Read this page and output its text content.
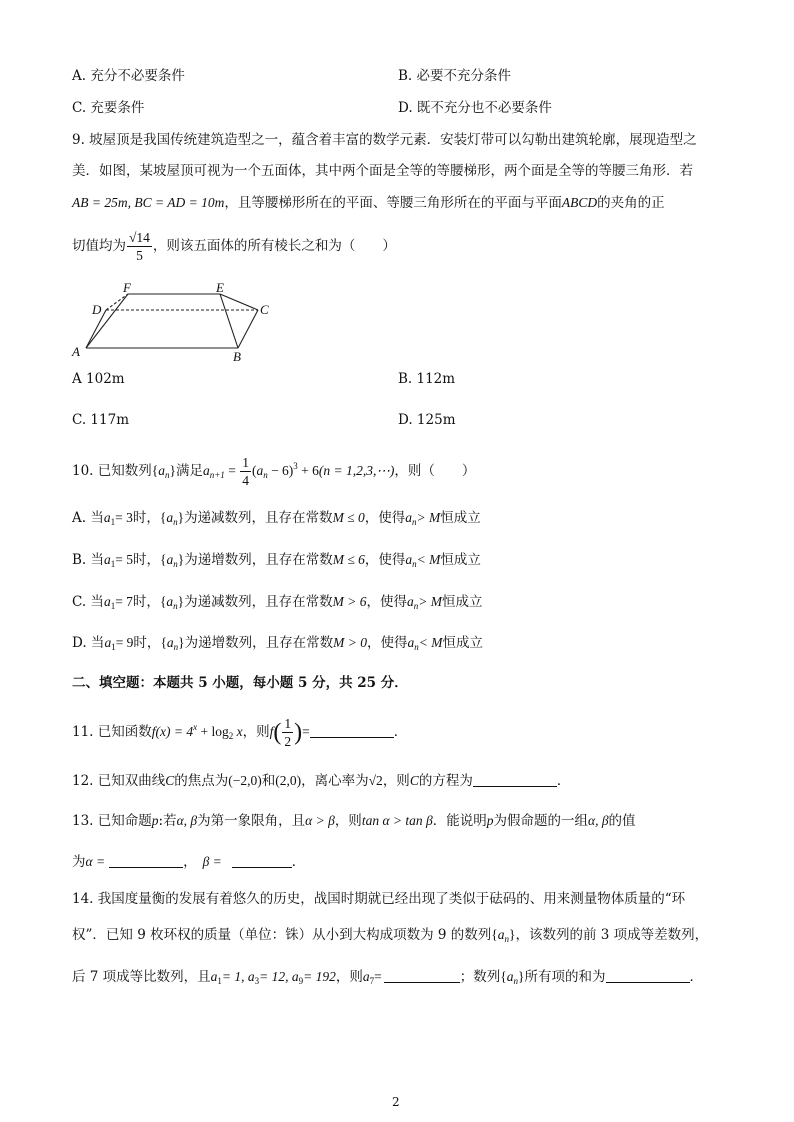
A. 充分不必要条件	B. 必要不充分条件
C. 充要条件	D. 既不充分也不必要条件
9. 坡屋顶是我国传统建筑造型之一，蕴含着丰富的数学元素．安装灯带可以勾勒出建筑轮廓，展现造型之
美．如图，某坡屋顶可视为一个五面体，其中两个面是全等的等腰梯形，两个面是全等的等腰三角形．若
AB = 25m, BC = AD = 10m，且等腰梯形所在的平面、等腰三角形所在的平面与平面ABCD的夹角的正
切值均为 $\frac{√14}{5}$ ，则该五面体的所有棱长之和为（　　）
A	B
C
D
E
F
A 102m	B. 112m
C. 117m	D. 125m
10. 已知数列$\{a_n\}$满足$a_{n+1} = \frac{1}{4} (a_n - 6)^3 + 6(n$ = 1,2,3,⋯)，则（　　）
A. 当$a_1= 3$时，$\{a_n\}$为递减数列，且存在常数M ≤ 0，使得$a_n> M$恒成立
B. 当$a_1= 5$时，$\{a_n\}$为递增数列，且存在常数M ≤ 6，使得$a_n< M$恒成立
C. 当$a_1= 7$时，$\{a_n\}$为递减数列，且存在常数M > 6，使得$a_n> M$恒成立
D. 当$a_1= 9$时，$\{a_n\}$为递增数列，且存在常数M > 0，使得$a_n< M$恒成立
二、填空题：本题共 5 小题，每小题 5 分，共 25 分．
11. 已知函数$f(x) = 4^x + \log_2 x$，则$f( \frac{1}{2}$ )=	．
12. 已知双曲线C的焦点为(−2,0)和(2,0)，离心率为√2，则C的方程为	．
13. 已知命题p:若α, β为第一象限角，且α > β，则tan α > tan β．能说明p为假命题的一组α, β的值
为α =	， β =	．
14. 我国度量衡的发展有着悠久的历史，战国时期就已经出现了类似于砝码的、用来测量物体质量的“环
权”．已知 9 枚环权的质量（单位：铢）从小到大构成项数为 9 的数列$\{a_n\}$，该数列的前 3 项成等差数列，
后 7 项成等比数列，且$a_1= 1$, $a_3= 12$, $a_9= 192$，则$a_7=$	；数列$\{a_n\}$所有项的和为	．
2
